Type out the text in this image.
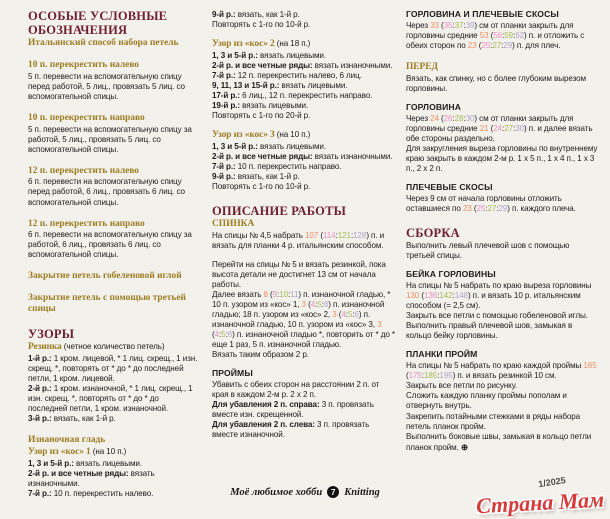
ОСОБЫЕ УСЛОВНЫЕ ОБОЗНАЧЕНИЯ
Итальянский способ набора петель
10 п. перекрестить налево
5 п. перевести на вспомогательную спицу перед работой, 5 лиц., провязать 5 лиц. со вспомогательной спицы.
10 п. перекрестить направо
5 п. перевести на вспомогательную спицу за работой, 5 лиц., провязать 5 лиц. со вспомогательной спицы.
12 п. перекрестить налево
6 п. перевести на вспомогательную спицу перед работой, 6 лиц., провязать 6 лиц. со вспомогательной спицы.
12 п. перекрестить направо
6 п. перевести на вспомогательную спицу за работой, 6 лиц., провязать 6 лиц. со вспомогательной спицы.
Закрытие петель гобеленовой иглой
Закрытие петель с помощью третьей спицы
УЗОРЫ
Резинка (четное количество петель)
1-й р.: 1 кром. лицевой, * 1 лиц. скрещ., 1 изн. скрещ. *, повторять от * до * до последней петли, 1 кром. лицевой.
2-й р.: 1 кром. изнаночной, * 1 лиц. скрещ., 1 изн. скрещ. *, повторять от * до * до последней петли, 1 кром. изнаночной.
3-й р.: вязать, как 1-й р.
Изнаночная гладь
Узор из «кос» 1 (на 10 п.)
1, 3 и 5-й р.: вязать лицевыми.
2-й р. и все четные ряды: вязать изнаночными.
7-й р.: 10 п. перекрестить налево.
9-й р.: вязать, как 1-й р.
Повторять с 1-го по 10-й р.
Узор из «кос» 2 (на 18 п.)
1, 3 и 5-й р.: вязать лицевыми.
2-й р. и все четные ряды: вязать изнаночными.
7-й р.: 12 п. перекрестить налево, 6 лиц.
9, 11, 13 и 15-й р.: вязать лицевыми.
17-й р.: 6 лиц., 12 п. перекрестить направо.
19-й р.: вязать лицевыми.
Повторять с 1-го по 20-й р.
Узор из «кос» 3 (на 10 п.)
1, 3 и 5-й р.: вязать лицевыми.
2-й р. и все четные ряды: вязать изнаночными.
7-й р.: 10 п. перекрестить направо.
9-й р.: вязать, как 1-й р.
Повторять с 1-го по 10-й р.
ОПИСАНИЕ РАБОТЫ
СПИНКА
На спицы № 4,5 набрать 107 (114:121:128) п. и вязать для планки 4 р. итальянским способом.
Перейти на спицы № 5 и вязать резинкой, пока высота детали не достигнет 13 см от начала работы.
Далее вязать 8 (9:10:11) п. изнаночной гладью, * 10 п. узором из «кос» 1, 3 (4:5:6) п. изнаночной гладью; 18 п. узором из «кос» 2, 3 (4:5:6) п. изнаночной гладью, 10 п. узором из «кос» 3, 3 (4:5:6) п. изнаночной гладью *, повторить от * до * еще 1 раз, 5 п. изнаночной гладью.
Вязать таким образом 2 р.
ПРОЙМЫ
Убавить с обеих сторон на расстоянии 2 п. от края в каждом 2-м р. 2 х 2 п.
Для убавления 2 п. справа: 3 п. провязать вместе изн. скрещенной.
Для убавления 2 п. слева: 3 п. провязать вместе изнаночной.
ГОРЛОВИНА И ПЛЕЧЕВЫЕ СКОСЫ
Через 33 (35:37:39) см от планки закрыть для горловины средние 53 (56:59:62) п. и отложить с обеих сторон по 23 (25:27:29) п. для плеч.
ПЕРЕД
Вязать, как спинку, но с более глубоким вырезом горловины.
ГОРЛОВИНА
Через 24 (26:28:30) см от планки закрыть для горловины средние 21 (24:27:30) п. и далее вязать обе стороны раздельно.
Для закругления выреза горловины по внутреннему краю закрыть в каждом 2-м р. 1 х 5 п., 1 х 4 п., 1 х 3 п., 2 х 2 п.
ПЛЕЧЕВЫЕ СКОСЫ
Через 9 см от начала горловины отложить оставшиеся по 23 (25:27:29) п. каждого плеча.
СБОРКА
Выполнить левый плечевой шов с помощью третьей спицы.
БЕЙКА ГОРЛОВИНЫ
На спицы № 5 набрать по краю выреза горловины 130 (136:142:148) п. и вязать 10 р. итальянским способом (= 2,5 см).
Закрыть все петли с помощью гобеленовой иглы.
Выполнить правый плечевой шов, замыкая в кольцо бейку горловины.
ПЛАНКИ ПРОЙМ
На спицы № 5 набрать по краю каждой проймы 165 (175:185:195) п. и вязать резинкой 10 см.
Закрыть все петли по рисунку.
Сложить каждую планку проймы пополам и отвернуть внутрь.
Закрепить потайными стежками в ряды набора петель планок пройм.
Выполнить боковые швы, замыкая в кольцо петли планок пройм. ⊕
Моё любимое хобби	7 Knitting
1/2025
Страна Мам
